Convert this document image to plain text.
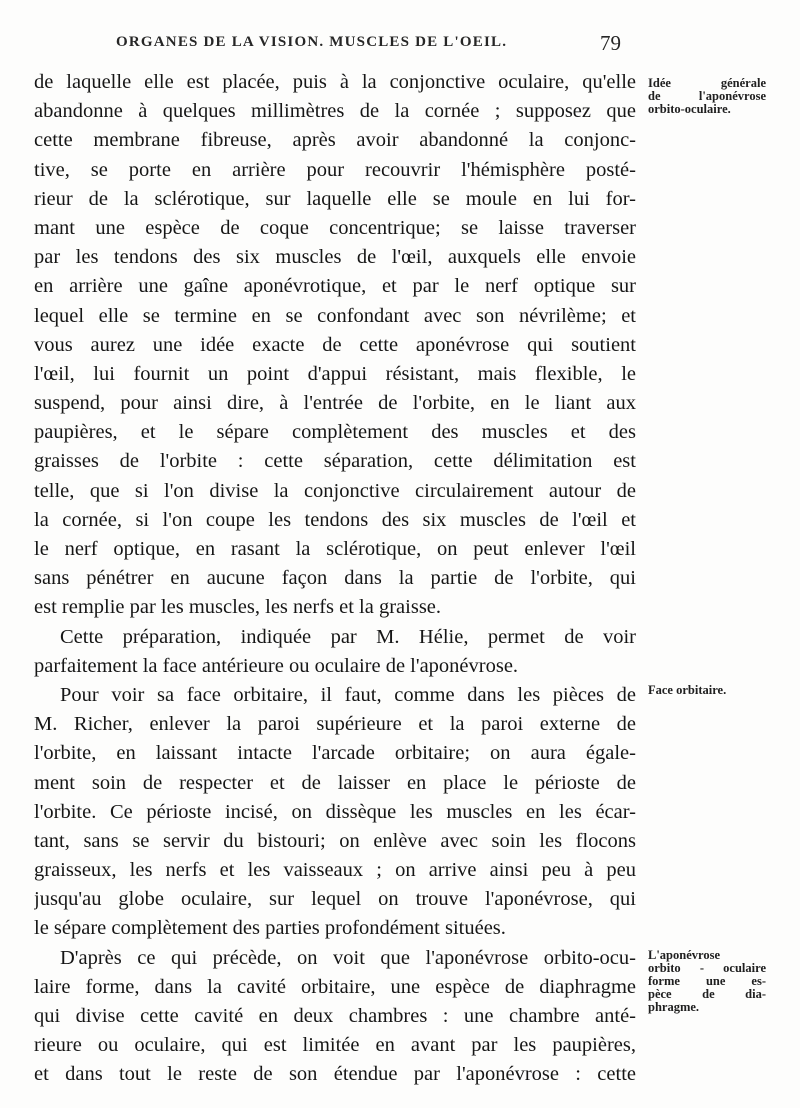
ORGANES DE LA VISION. MUSCLES DE L'OEIL.	79
de laquelle elle est placée, puis à la conjonctive oculaire, qu'elle
abandonne à quelques millimètres de la cornée ; supposez que
cette membrane fibreuse, après avoir abandonné la conjonc-
tive, se porte en arrière pour recouvrir l'hémisphère posté-
rieur de la sclérotique, sur laquelle elle se moule en lui for-
mant une espèce de coque concentrique; se laisse traverser
par les tendons des six muscles de l'œil, auxquels elle envoie
en arrière une gaîne aponévrotique, et par le nerf optique sur
lequel elle se termine en se confondant avec son névrilème; et
vous aurez une idée exacte de cette aponévrose qui soutient
l'œil, lui fournit un point d'appui résistant, mais flexible, le
suspend, pour ainsi dire, à l'entrée de l'orbite, en le liant aux
paupières, et le sépare complètement des muscles et des
graisses de l'orbite : cette séparation, cette délimitation est
telle, que si l'on divise la conjonctive circulairement autour de
la cornée, si l'on coupe les tendons des six muscles de l'œil et
le nerf optique, en rasant la sclérotique, on peut enlever l'œil
sans pénétrer en aucune façon dans la partie de l'orbite, qui
est remplie par les muscles, les nerfs et la graisse.
Cette préparation, indiquée par M. Hélie, permet de voir
parfaitement la face antérieure ou oculaire de l'aponévrose.
Pour voir sa face orbitaire, il faut, comme dans les pièces de
M. Richer, enlever la paroi supérieure et la paroi externe de
l'orbite, en laissant intacte l'arcade orbitaire; on aura égale-
ment soin de respecter et de laisser en place le périoste de
l'orbite. Ce périoste incisé, on dissèque les muscles en les écar-
tant, sans se servir du bistouri; on enlève avec soin les flocons
graisseux, les nerfs et les vaisseaux ; on arrive ainsi peu à peu
jusqu'au globe oculaire, sur lequel on trouve l'aponévrose, qui
le sépare complètement des parties profondément situées.
D'après ce qui précède, on voit que l'aponévrose orbito-ocu-
laire forme, dans la cavité orbitaire, une espèce de diaphragme
qui divise cette cavité en deux chambres : une chambre anté-
rieure ou oculaire, qui est limitée en avant par les paupières,
et dans tout le reste de son étendue par l'aponévrose : cette
Idée générale
de l'aponévrose
orbito-oculaire.
Face orbitaire.
L'aponévrose
orbito - oculaire
forme une es-
pèce de dia-
phragme.
